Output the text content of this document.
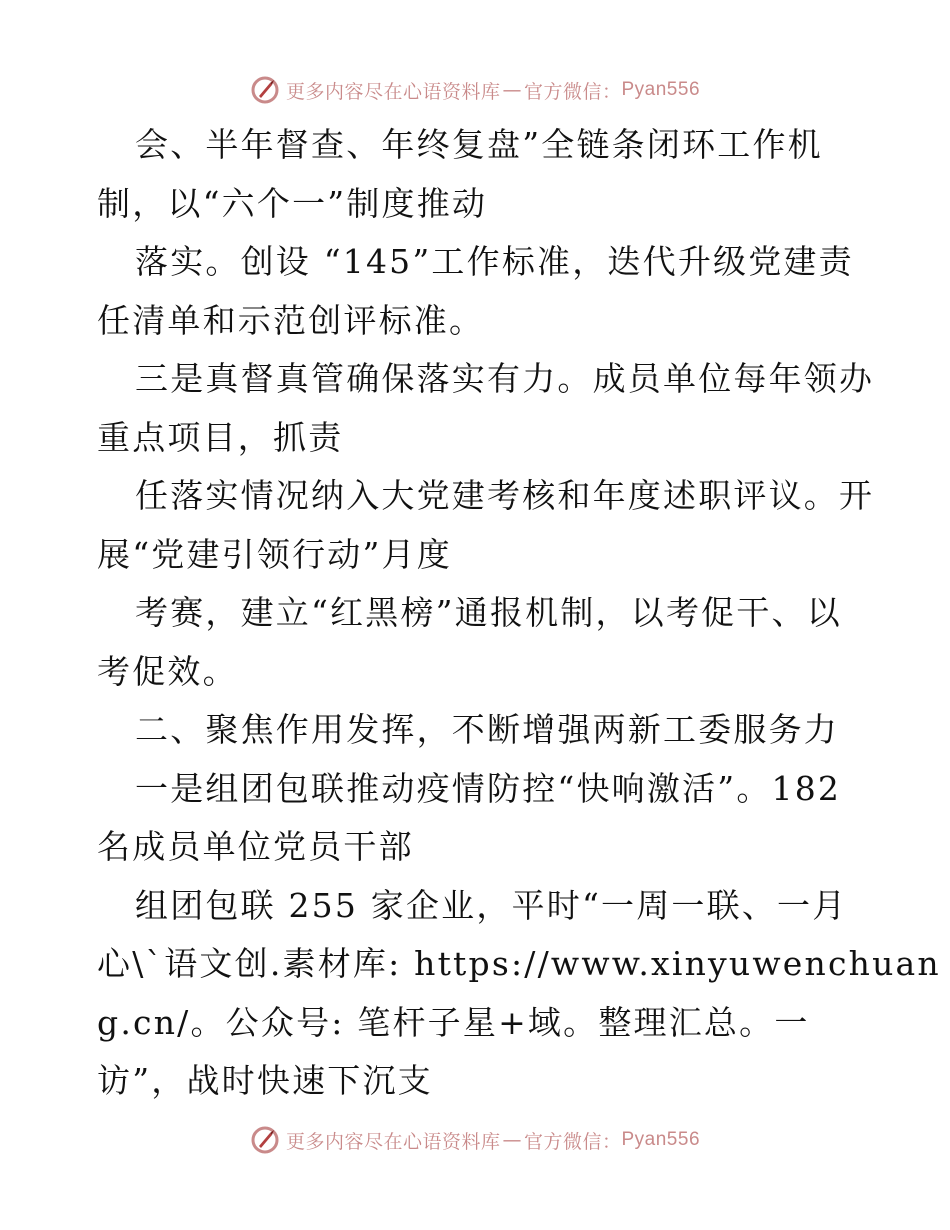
更多内容尽在心语资料库 — 官方微信： Pyan556
会、半年督查、年终复盘”全链条闭环工作机
制，以“六个一”制度推动
落实。创设 “145”工作标准，迭代升级党建责
任清单和示范创评标准。
三是真督真管确保落实有力。成员单位每年领办
重点项目，抓责
任落实情况纳入大党建考核和年度述职评议。开
展“党建引领行动”月度
考赛，建立“红黑榜”通报机制，以考促干、以
考促效。
二、聚焦作用发挥，不断增强两新工委服务力
一是组团包联推动疫情防控“快响激活”。182
名成员单位党员干部
组团包联 255 家企业，平时“一周一联、一月
心\`语文创.素材库: https://www.xinyuwenchuan
g.cn/。公众号: 笔杆子星+域。整理汇总。一
访”，战时快速下沉支
更多内容尽在心语资料库 — 官方微信： Pyan556
